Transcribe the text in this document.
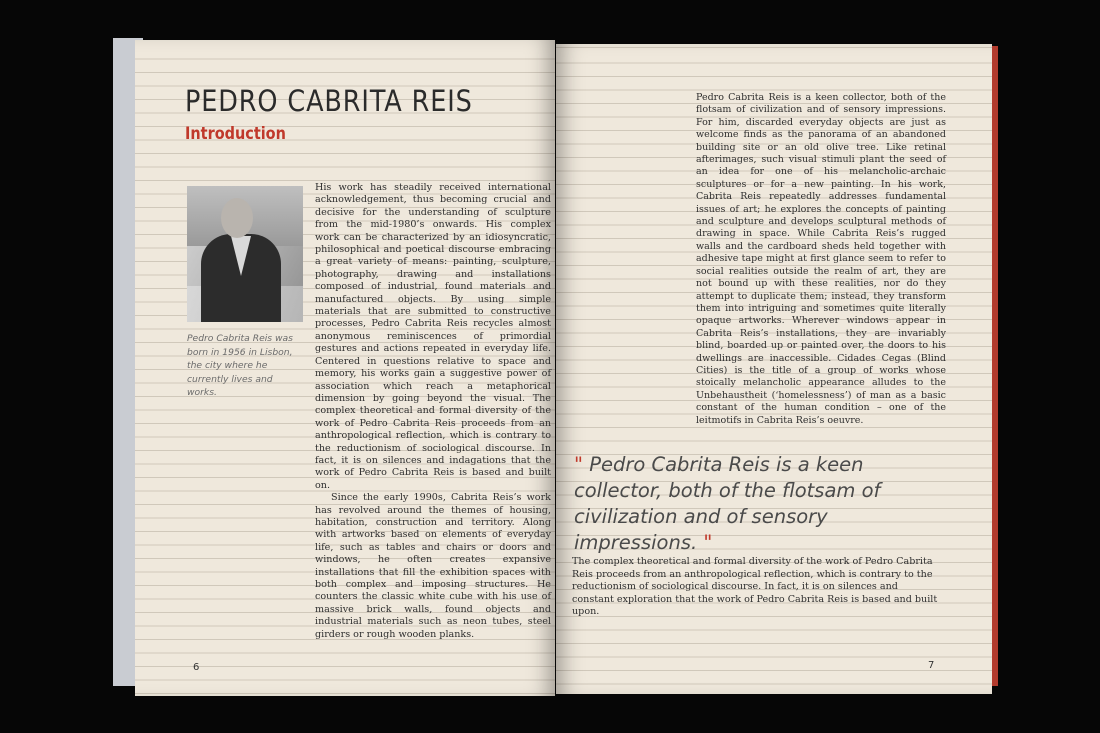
PEDRO CABRITA REIS
Introduction

Pedro Cabrita Reis was born in 1956 in Lisbon, the city where he currently lives and works.

His work has steadily received international acknowledgement, thus becoming crucial and decisive for the understanding of sculpture from the mid-1980’s onwards. His complex work can be characterized by an idiosyncratic, philosophical and poetical discourse embracing a great variety of means: painting, sculpture, photography, drawing and installations composed of industrial, found materials and manufactured objects. By using simple materials that are submitted to constructive processes, Pedro Cabrita Reis recycles almost anonymous reminiscences of primordial gestures and actions repeated in everyday life. Centered in questions relative to space and memory, his works gain a suggestive power of association which reach a metaphorical dimension by going beyond the visual. The complex theoretical and formal diversity of the work of Pedro Cabrita Reis proceeds from an anthropological reflection, which is contrary to the reductionism of sociological discourse. In fact, it is on silences and indagations that the work of Pedro Cabrita Reis is based and built on.

Since the early 1990s, Cabrita Reis’s work has revolved around the themes of housing, habitation, construction and territory. Along with artworks based on elements of everyday life, such as tables and chairs or doors and windows, he often creates expansive installations that fill the exhibition spaces with both complex and imposing structures. He counters the classic white cube with his use of massive brick walls, found objects and industrial materials such as neon tubes, steel girders or rough wooden planks.

6

Pedro Cabrita Reis is a keen collector, both of the flotsam of civilization and of sensory impressions. For him, discarded everyday objects are just as welcome finds as the panorama of an abandoned building site or an old olive tree. Like retinal afterimages, such visual stimuli plant the seed of an idea for one of his melancholic-archaic sculptures or for a new painting. In his work, Cabrita Reis repeatedly addresses fundamental issues of art; he explores the concepts of painting and sculpture and develops sculptural methods of drawing in space. While Cabrita Reis’s rugged walls and the cardboard sheds held together with adhesive tape might at first glance seem to refer to social realities outside the realm of art, they are not bound up with these realities, nor do they attempt to duplicate them; instead, they transform them into intriguing and sometimes quite literally opaque artworks. Wherever windows appear in Cabrita Reis’s installations, they are invariably blind, boarded up or painted over, the doors to his dwellings are inaccessible. Cidades Cegas (Blind Cities) is the title of a group of works whose stoically melancholic appearance alludes to the Unbehaustheit (‘homelessness’) of man as a basic constant of the human condition – one of the leitmotifs in Cabrita Reis’s oeuvre.

" Pedro Cabrita Reis is a keen collector, both of the flotsam of civilization and of sensory impressions. "

The complex theoretical and formal diversity of the work of Pedro Cabrita Reis proceeds from an anthropological reflection, which is contrary to the reductionism of sociological discourse. In fact, it is on silences and constant exploration that the work of Pedro Cabrita Reis is based and built upon.

7
